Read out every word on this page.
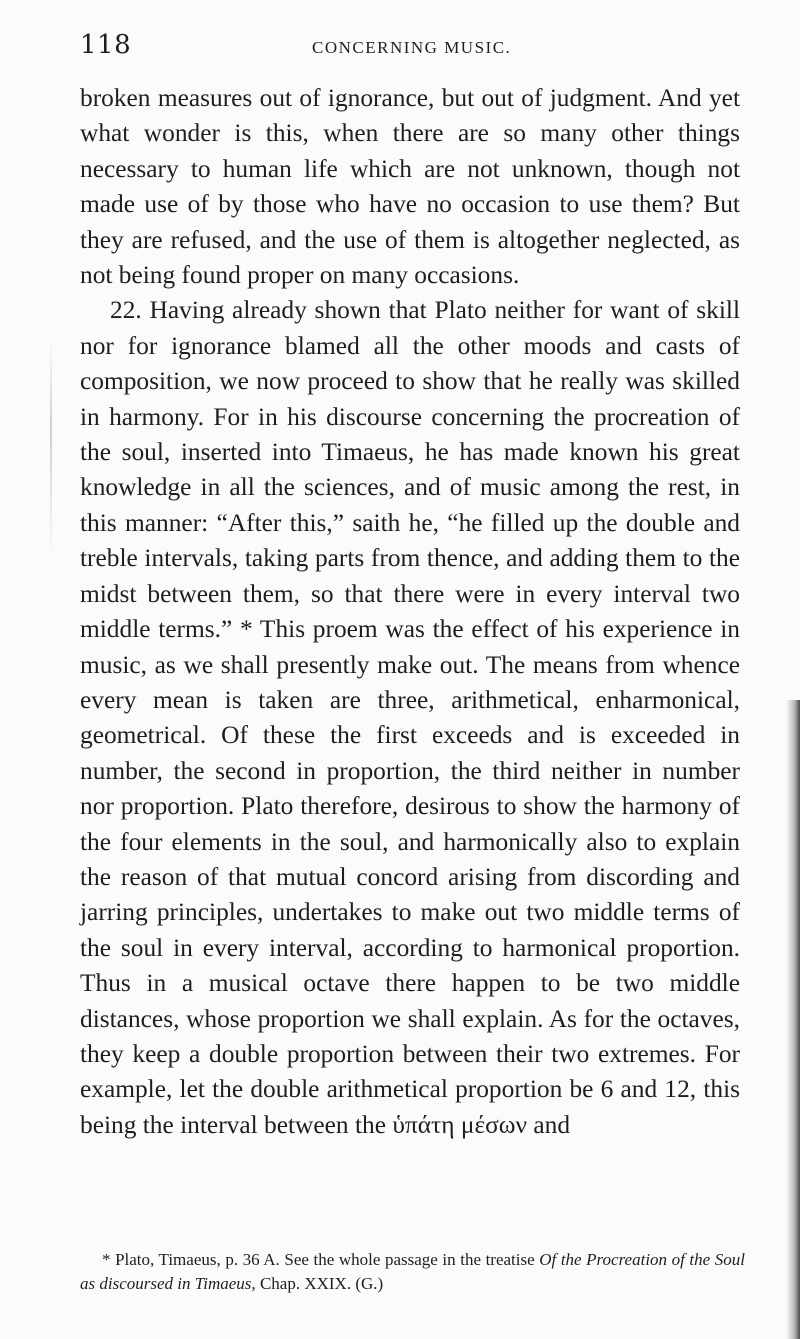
118	CONCERNING MUSIC.

broken measures out of ignorance, but out of judgment. And yet what wonder is this, when there are so many other things necessary to human life which are not unknown, though not made use of by those who have no occasion to use them? But they are refused, and the use of them is altogether neglected, as not being found proper on many occasions.

22. Having already shown that Plato neither for want of skill nor for ignorance blamed all the other moods and casts of composition, we now proceed to show that he really was skilled in harmony. For in his discourse concerning the procreation of the soul, inserted into Timaeus, he has made known his great knowledge in all the sciences, and of music among the rest, in this manner: “After this,” saith he, “he filled up the double and treble intervals, taking parts from thence, and adding them to the midst between them, so that there were in every interval two middle terms.” * This proem was the effect of his experience in music, as we shall presently make out. The means from whence every mean is taken are three, arithmetical, enharmonical, geometrical. Of these the first exceeds and is exceeded in number, the second in proportion, the third neither in number nor proportion. Plato therefore, desirous to show the harmony of the four elements in the soul, and harmonically also to explain the reason of that mutual concord arising from discording and jarring principles, undertakes to make out two middle terms of the soul in every interval, according to harmonical proportion. Thus in a musical octave there happen to be two middle distances, whose proportion we shall explain. As for the octaves, they keep a double proportion between their two extremes. For example, let the double arithmetical proportion be 6 and 12, this being the interval between the ὑπάτη μέσων and

* Plato, Timaeus, p. 36 A. See the whole passage in the treatise Of the Procreation of the Soul as discoursed in Timaeus, Chap. XXIX. (G.)
